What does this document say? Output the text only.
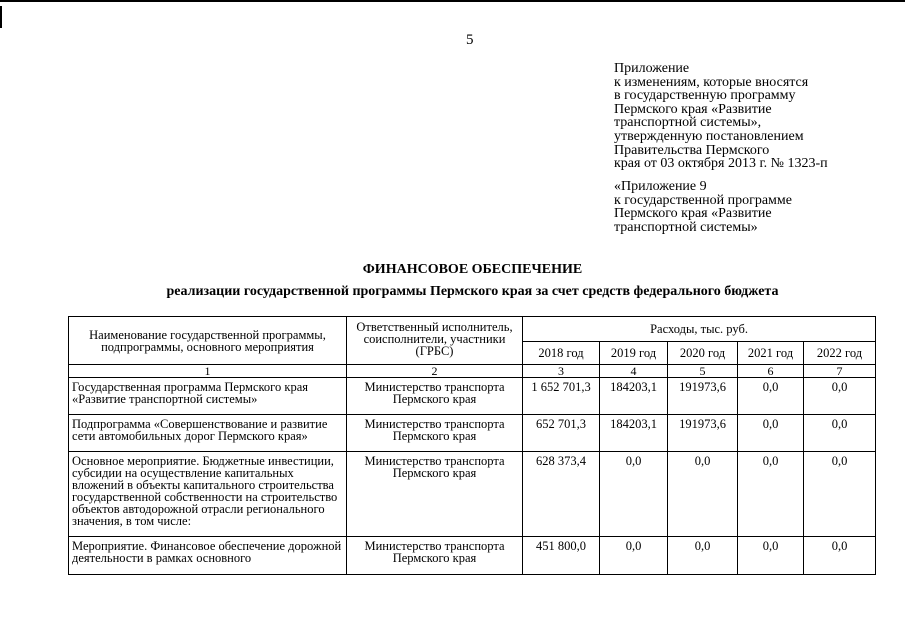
5
Приложение
к изменениям, которые вносятся
в государственную программу
Пермского края «Развитие
транспортной системы»,
утвержденную постановлением
Правительства Пермского
края от 03 октября 2013 г. № 1323-п
«Приложение 9
к государственной программе
Пермского края «Развитие
транспортной системы»
ФИНАНСОВОЕ ОБЕСПЕЧЕНИЕ
реализации государственной программы Пермского края за счет средств федерального бюджета
Наименование государственной программы, подпрограммы, основного мероприятия	Ответственный исполнитель, соисполнители, участники (ГРБС)	Расходы, тыс. руб.				
		2018 год	2019 год	2020 год	2021 год	2022 год
1	2	3	4	5	6	7
Государственная программа Пермского края «Развитие транспортной системы»	Министерство транспорта Пермского края	1 652 701,3	184203,1	191973,6	0,0	0,0
Подпрограмма «Совершенствование и развитие сети автомобильных дорог Пермского края»	Министерство транспорта Пермского края	652 701,3	184203,1	191973,6	0,0	0,0
Основное мероприятие. Бюджетные инвестиции, субсидии на осуществление капитальных вложений в объекты капитального строительства государственной собственности на строительство объектов автодорожной отрасли регионального значения, в том числе:	Министерство транспорта Пермского края	628 373,4	0,0	0,0	0,0	0,0
Мероприятие. Финансовое обеспечение дорожной деятельности в рамках основного	Министерство транспорта Пермского края	451 800,0	0,0	0,0	0,0	0,0
